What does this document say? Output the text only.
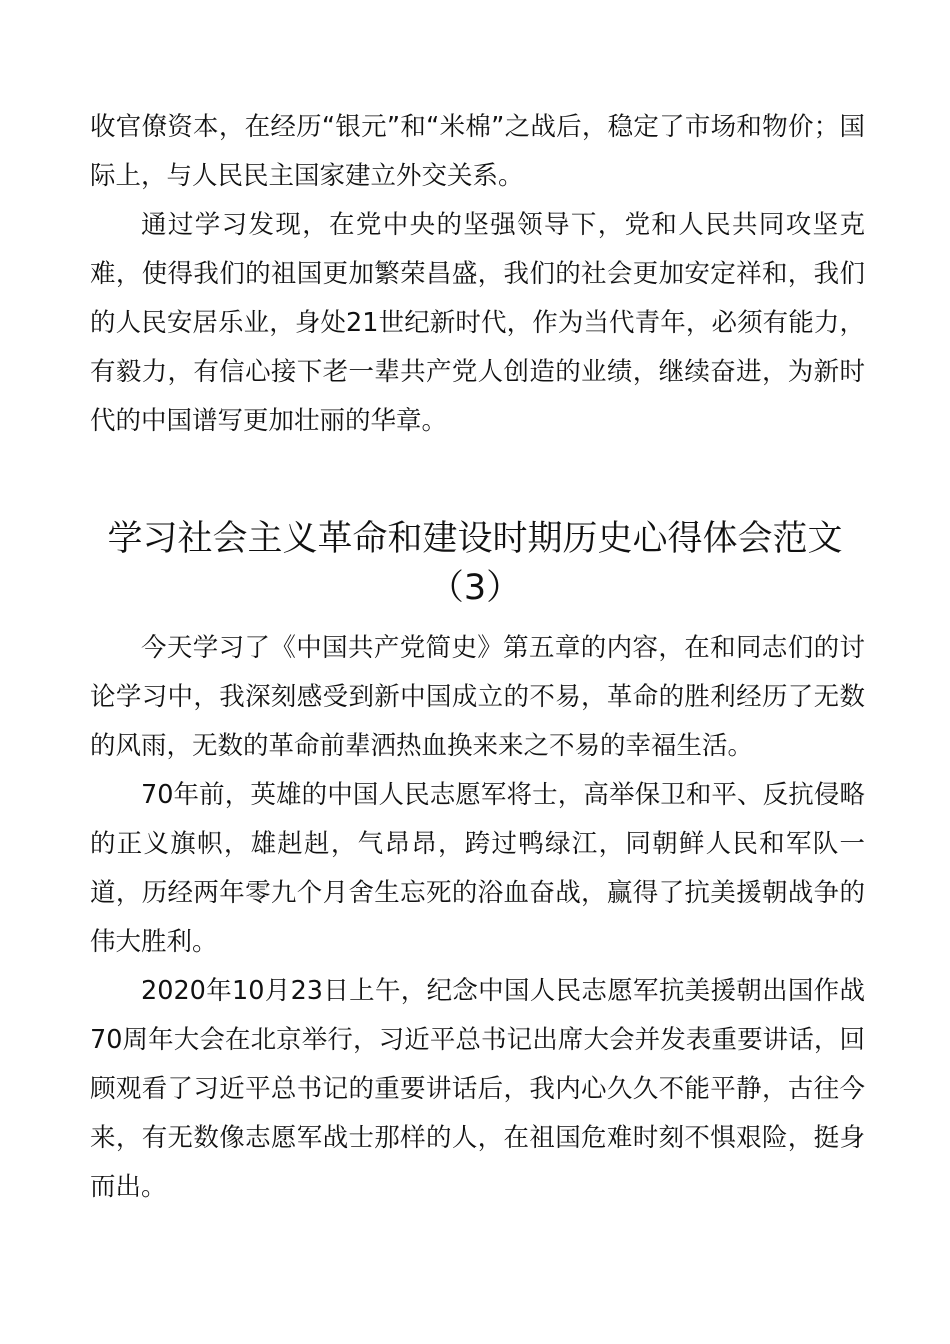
收官僚资本，在经历“银元”和“米棉”之战后，稳定了市场和物价；国际上，与人民民主国家建立外交关系。

通过学习发现，在党中央的坚强领导下，党和人民共同攻坚克难，使得我们的祖国更加繁荣昌盛，我们的社会更加安定祥和，我们的人民安居乐业，身处21世纪新时代，作为当代青年，必须有能力，有毅力，有信心接下老一辈共产党人创造的业绩，继续奋进，为新时代的中国谱写更加壮丽的华章。

学习社会主义革命和建设时期历史心得体会范文
（3）

今天学习了《中国共产党简史》第五章的内容，在和同志们的讨论学习中，我深刻感受到新中国成立的不易，革命的胜利经历了无数的风雨，无数的革命前辈洒热血换来来之不易的幸福生活。

70年前，英雄的中国人民志愿军将士，高举保卫和平、反抗侵略的正义旗帜，雄赳赳，气昂昂，跨过鸭绿江，同朝鲜人民和军队一道，历经两年零九个月舍生忘死的浴血奋战，赢得了抗美援朝战争的伟大胜利。

2020年10月23日上午，纪念中国人民志愿军抗美援朝出国作战70周年大会在北京举行，习近平总书记出席大会并发表重要讲话，回顾观看了习近平总书记的重要讲话后，我内心久久不能平静，古往今来，有无数像志愿军战士那样的人，在祖国危难时刻不惧艰险，挺身而出。
